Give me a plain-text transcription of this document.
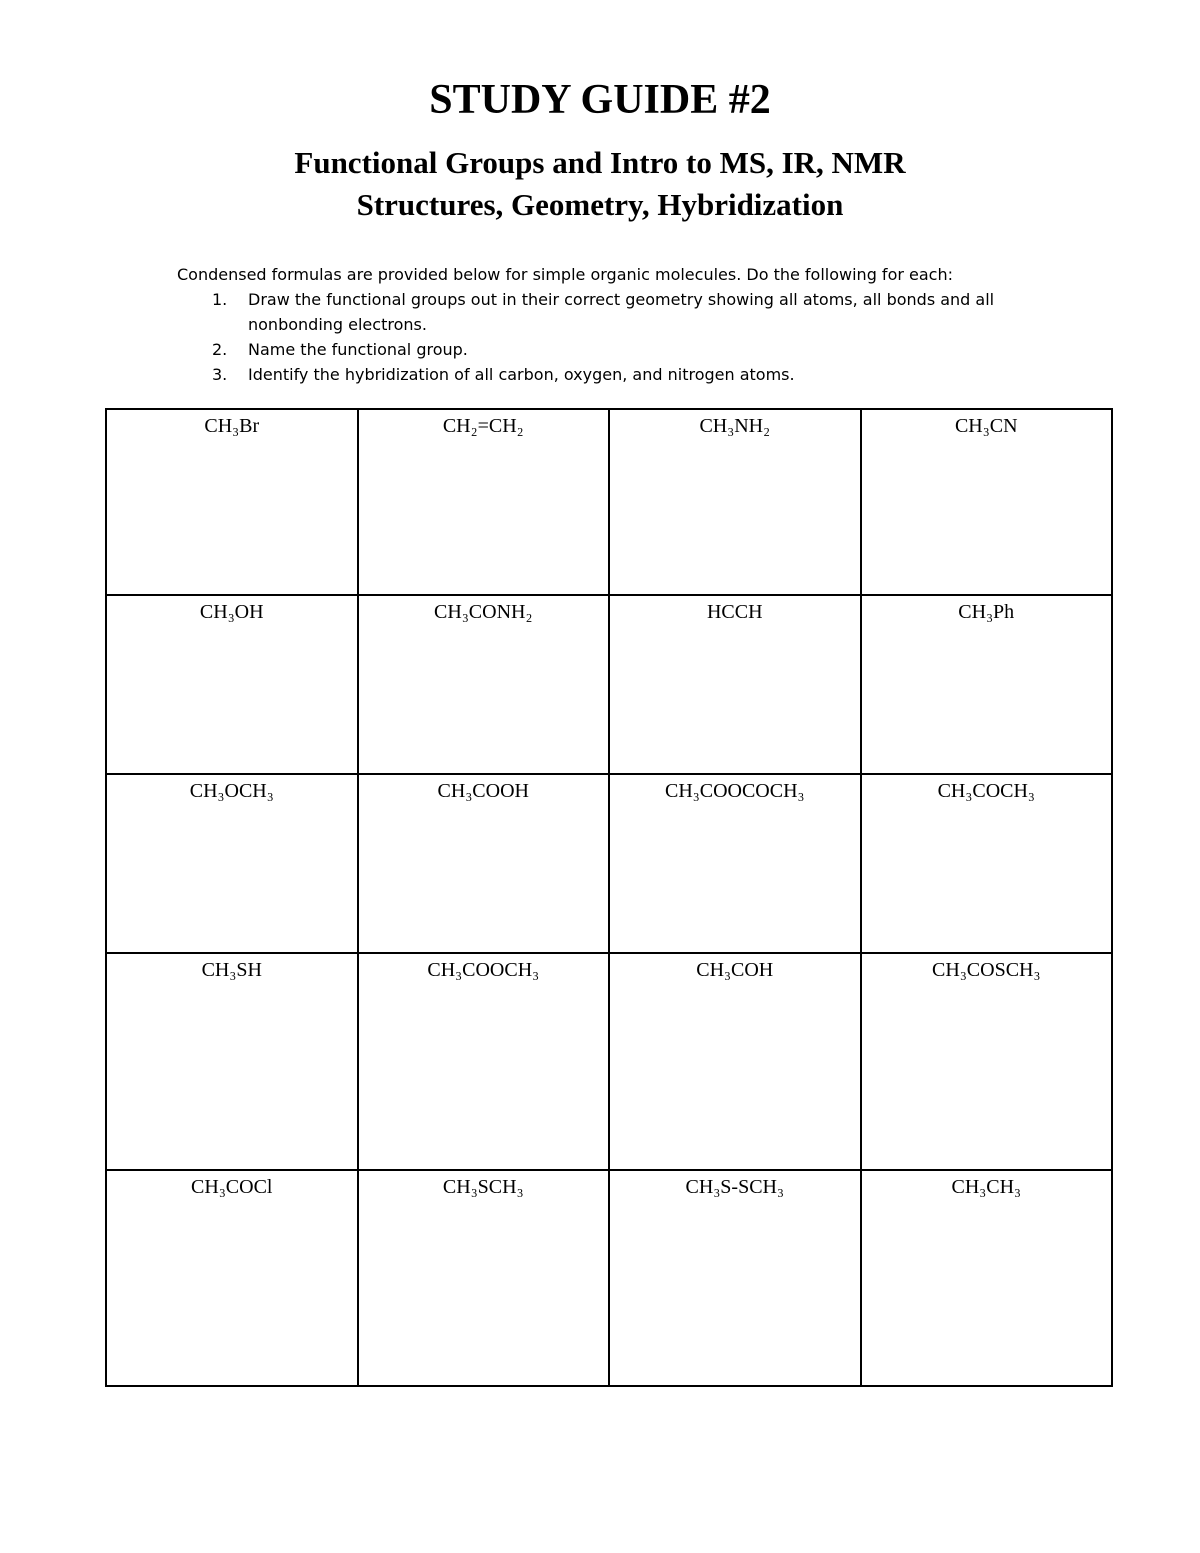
STUDY GUIDE #2
Functional Groups and Intro to MS, IR, NMR
Structures, Geometry, Hybridization

Condensed formulas are provided below for simple organic molecules. Do the following for each:

1. Draw the functional groups out in their correct geometry showing all atoms, all bonds and all nonbonding electrons.
2. Name the functional group.
3. Identify the hybridization of all carbon, oxygen, and nitrogen atoms.
CH₃Br	CH₂=CH₂	CH₃NH₂	CH₃CN

CH₃OH	CH₃CONH₂	HCCH	CH₃Ph

CH₃OCH₃	CH₃COOH	CH₃COOCOCH₃	CH₃COCH₃

CH₃SH	CH₃COOCH₃	CH₃COH	CH₃COSCH₃

CH₃COCl	CH₃SCH₃	CH₃S-SCH₃	CH₃CH₃
